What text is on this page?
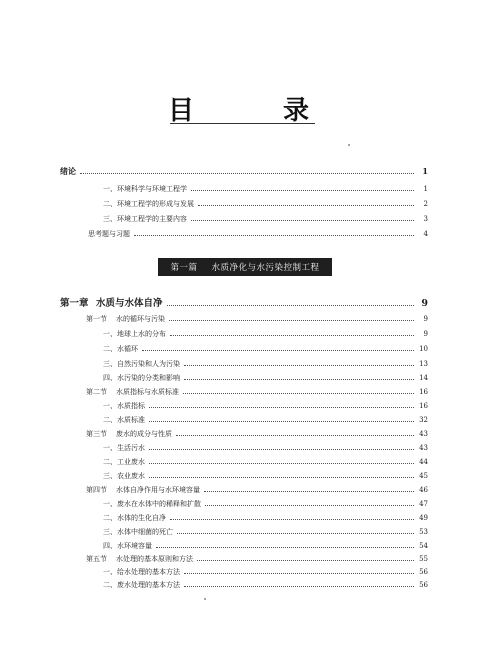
目 录
绪论	1
一、环境科学与环境工程学	1
二、环境工程学的形成与发展	2
三、环境工程学的主要内容	3
思考题与习题	4
第一章 水质与水体自净	9
第一节 水的循环与污染	9
一、地球上水的分布	9
二、水循环	10
三、自然污染和人为污染	13
四、水污染的分类和影响	14
第二节 水质指标与水质标准	16
一、水质指标	16
二、水质标准	32
第三节 废水的成分与性质	43
一、生活污水	43
二、工业废水	44
三、农业废水	45
第四节 水体自净作用与水环境容量	46
一、废水在水体中的稀释和扩散	47
二、水体的生化自净	49
三、水体中细菌的死亡	53
四、水环境容量	54
第五节 水处理的基本原则和方法	55
一、给水处理的基本方法	56
二、废水处理的基本方法	56
第一篇 水质净化与水污染控制工程
